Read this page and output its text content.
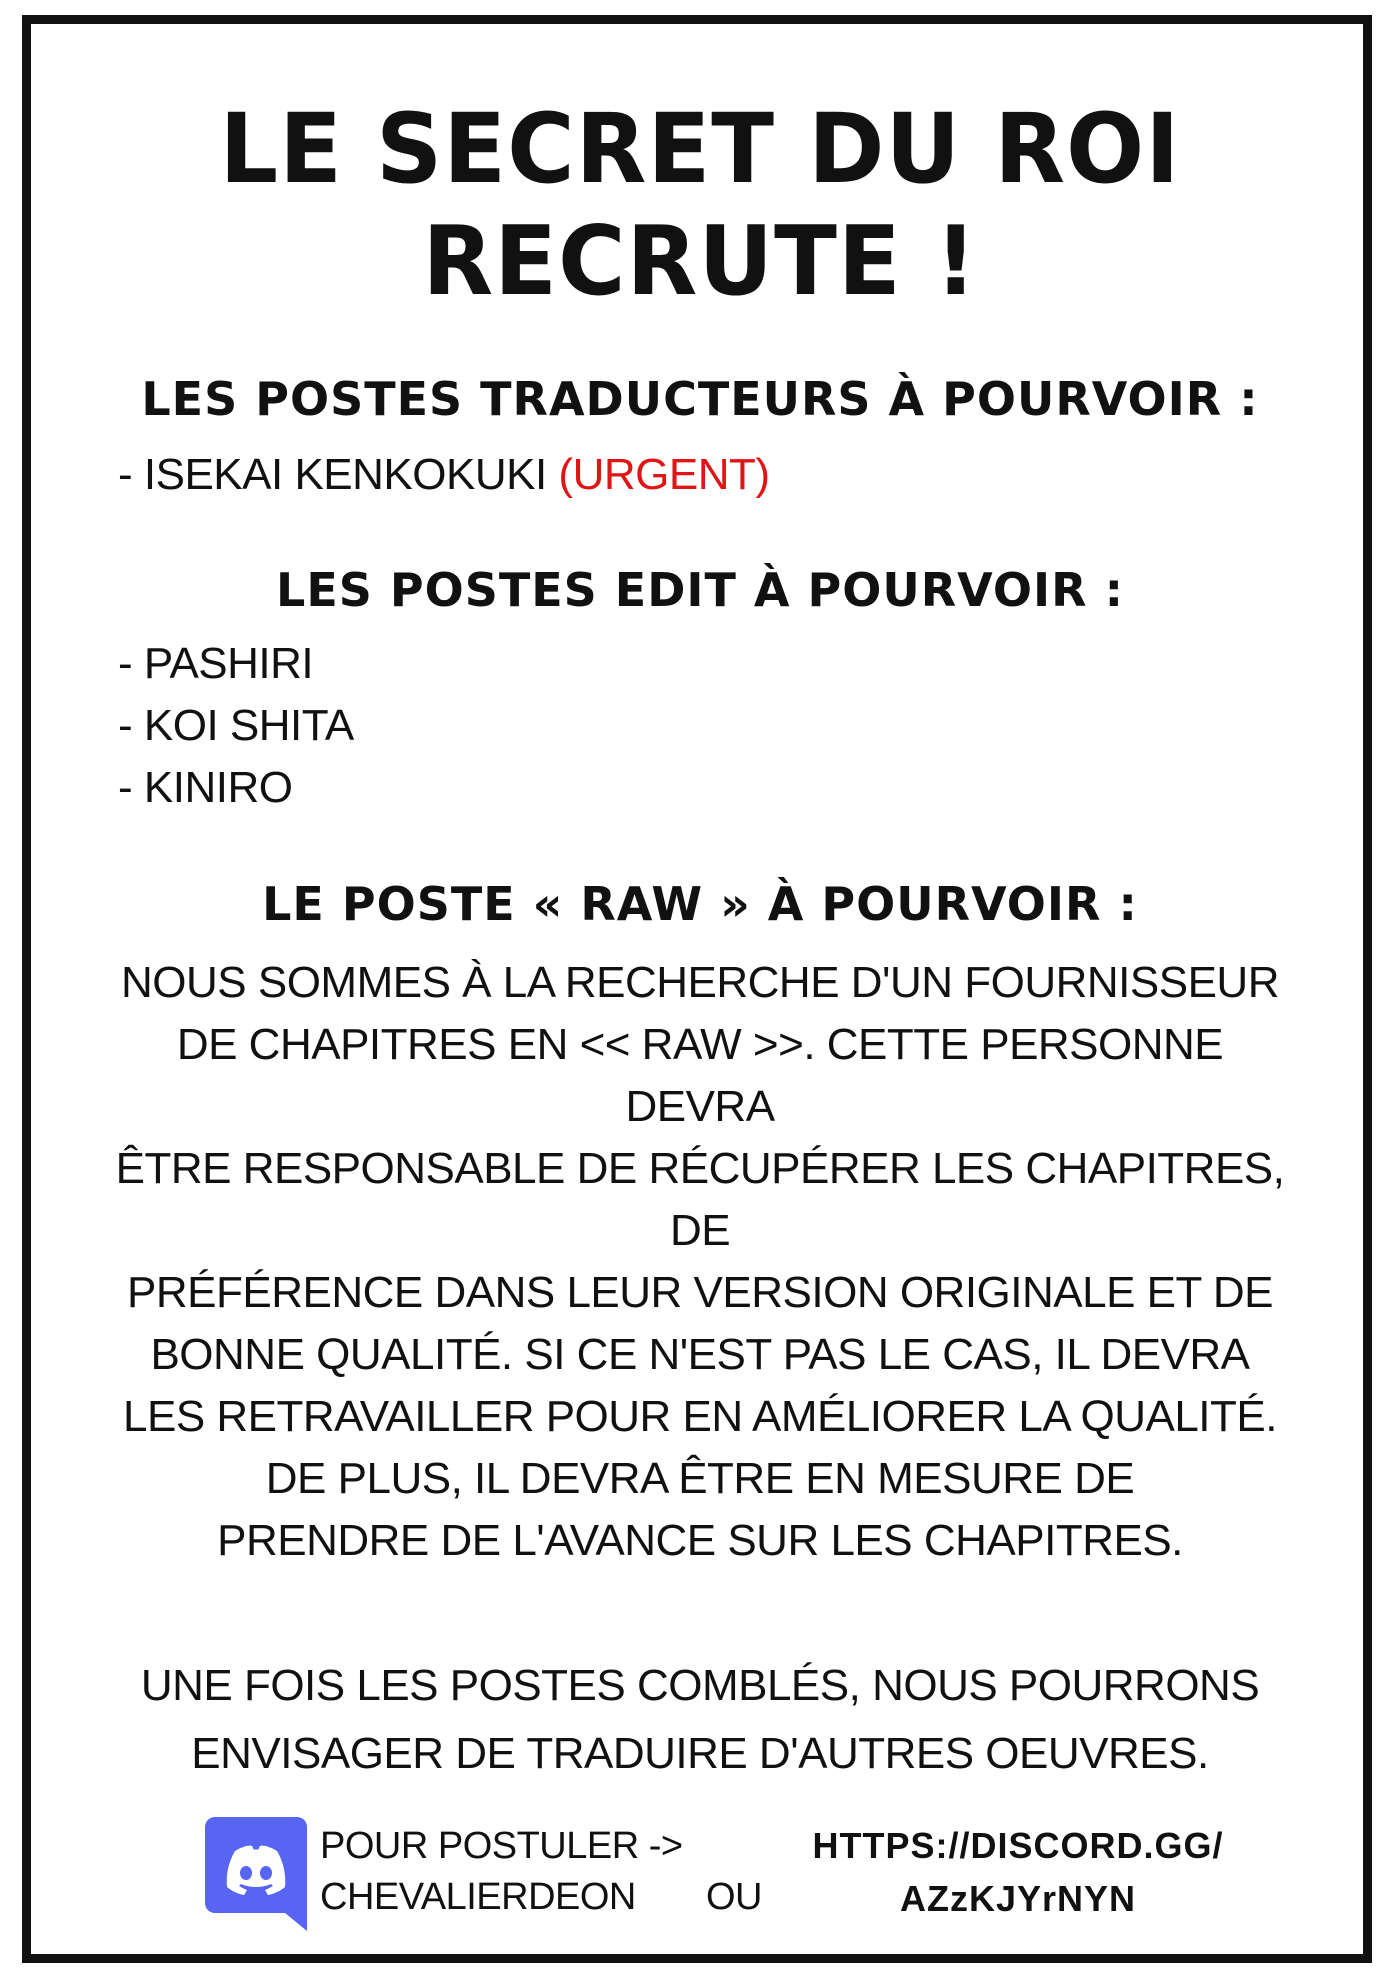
LE SECRET DU ROI RECRUTE !
LES POSTES TRADUCTEURS À POURVOIR :
- ISEKAI KENKOKUKI (URGENT)
LES POSTES EDIT À POURVOIR :
- PASHIRI
- KOI SHITA
- KINIRO
LE POSTE « RAW » À POURVOIR :

NOUS SOMMES À LA RECHERCHE D'UN FOURNISSEUR
DE CHAPITRES EN << RAW >>. CETTE PERSONNE DEVRA
ÊTRE RESPONSABLE DE RÉCUPÉRER LES CHAPITRES, DE
PRÉFÉRENCE DANS LEUR VERSION ORIGINALE ET DE
BONNE QUALITÉ. SI CE N'EST PAS LE CAS, IL DEVRA
LES RETRAVAILLER POUR EN AMÉLIORER LA QUALITÉ.
DE PLUS, IL DEVRA ÊTRE EN MESURE DE
PRENDRE DE L'AVANCE SUR LES CHAPITRES.

UNE FOIS LES POSTES COMBLÉS, NOUS POURRONS
ENVISAGER DE TRADUIRE D'AUTRES OEUVRES.

POUR POSTULER ->
CHEVALIERDEON OU
HTTPS://DISCORD.GG/
AZzKJYrNYN
